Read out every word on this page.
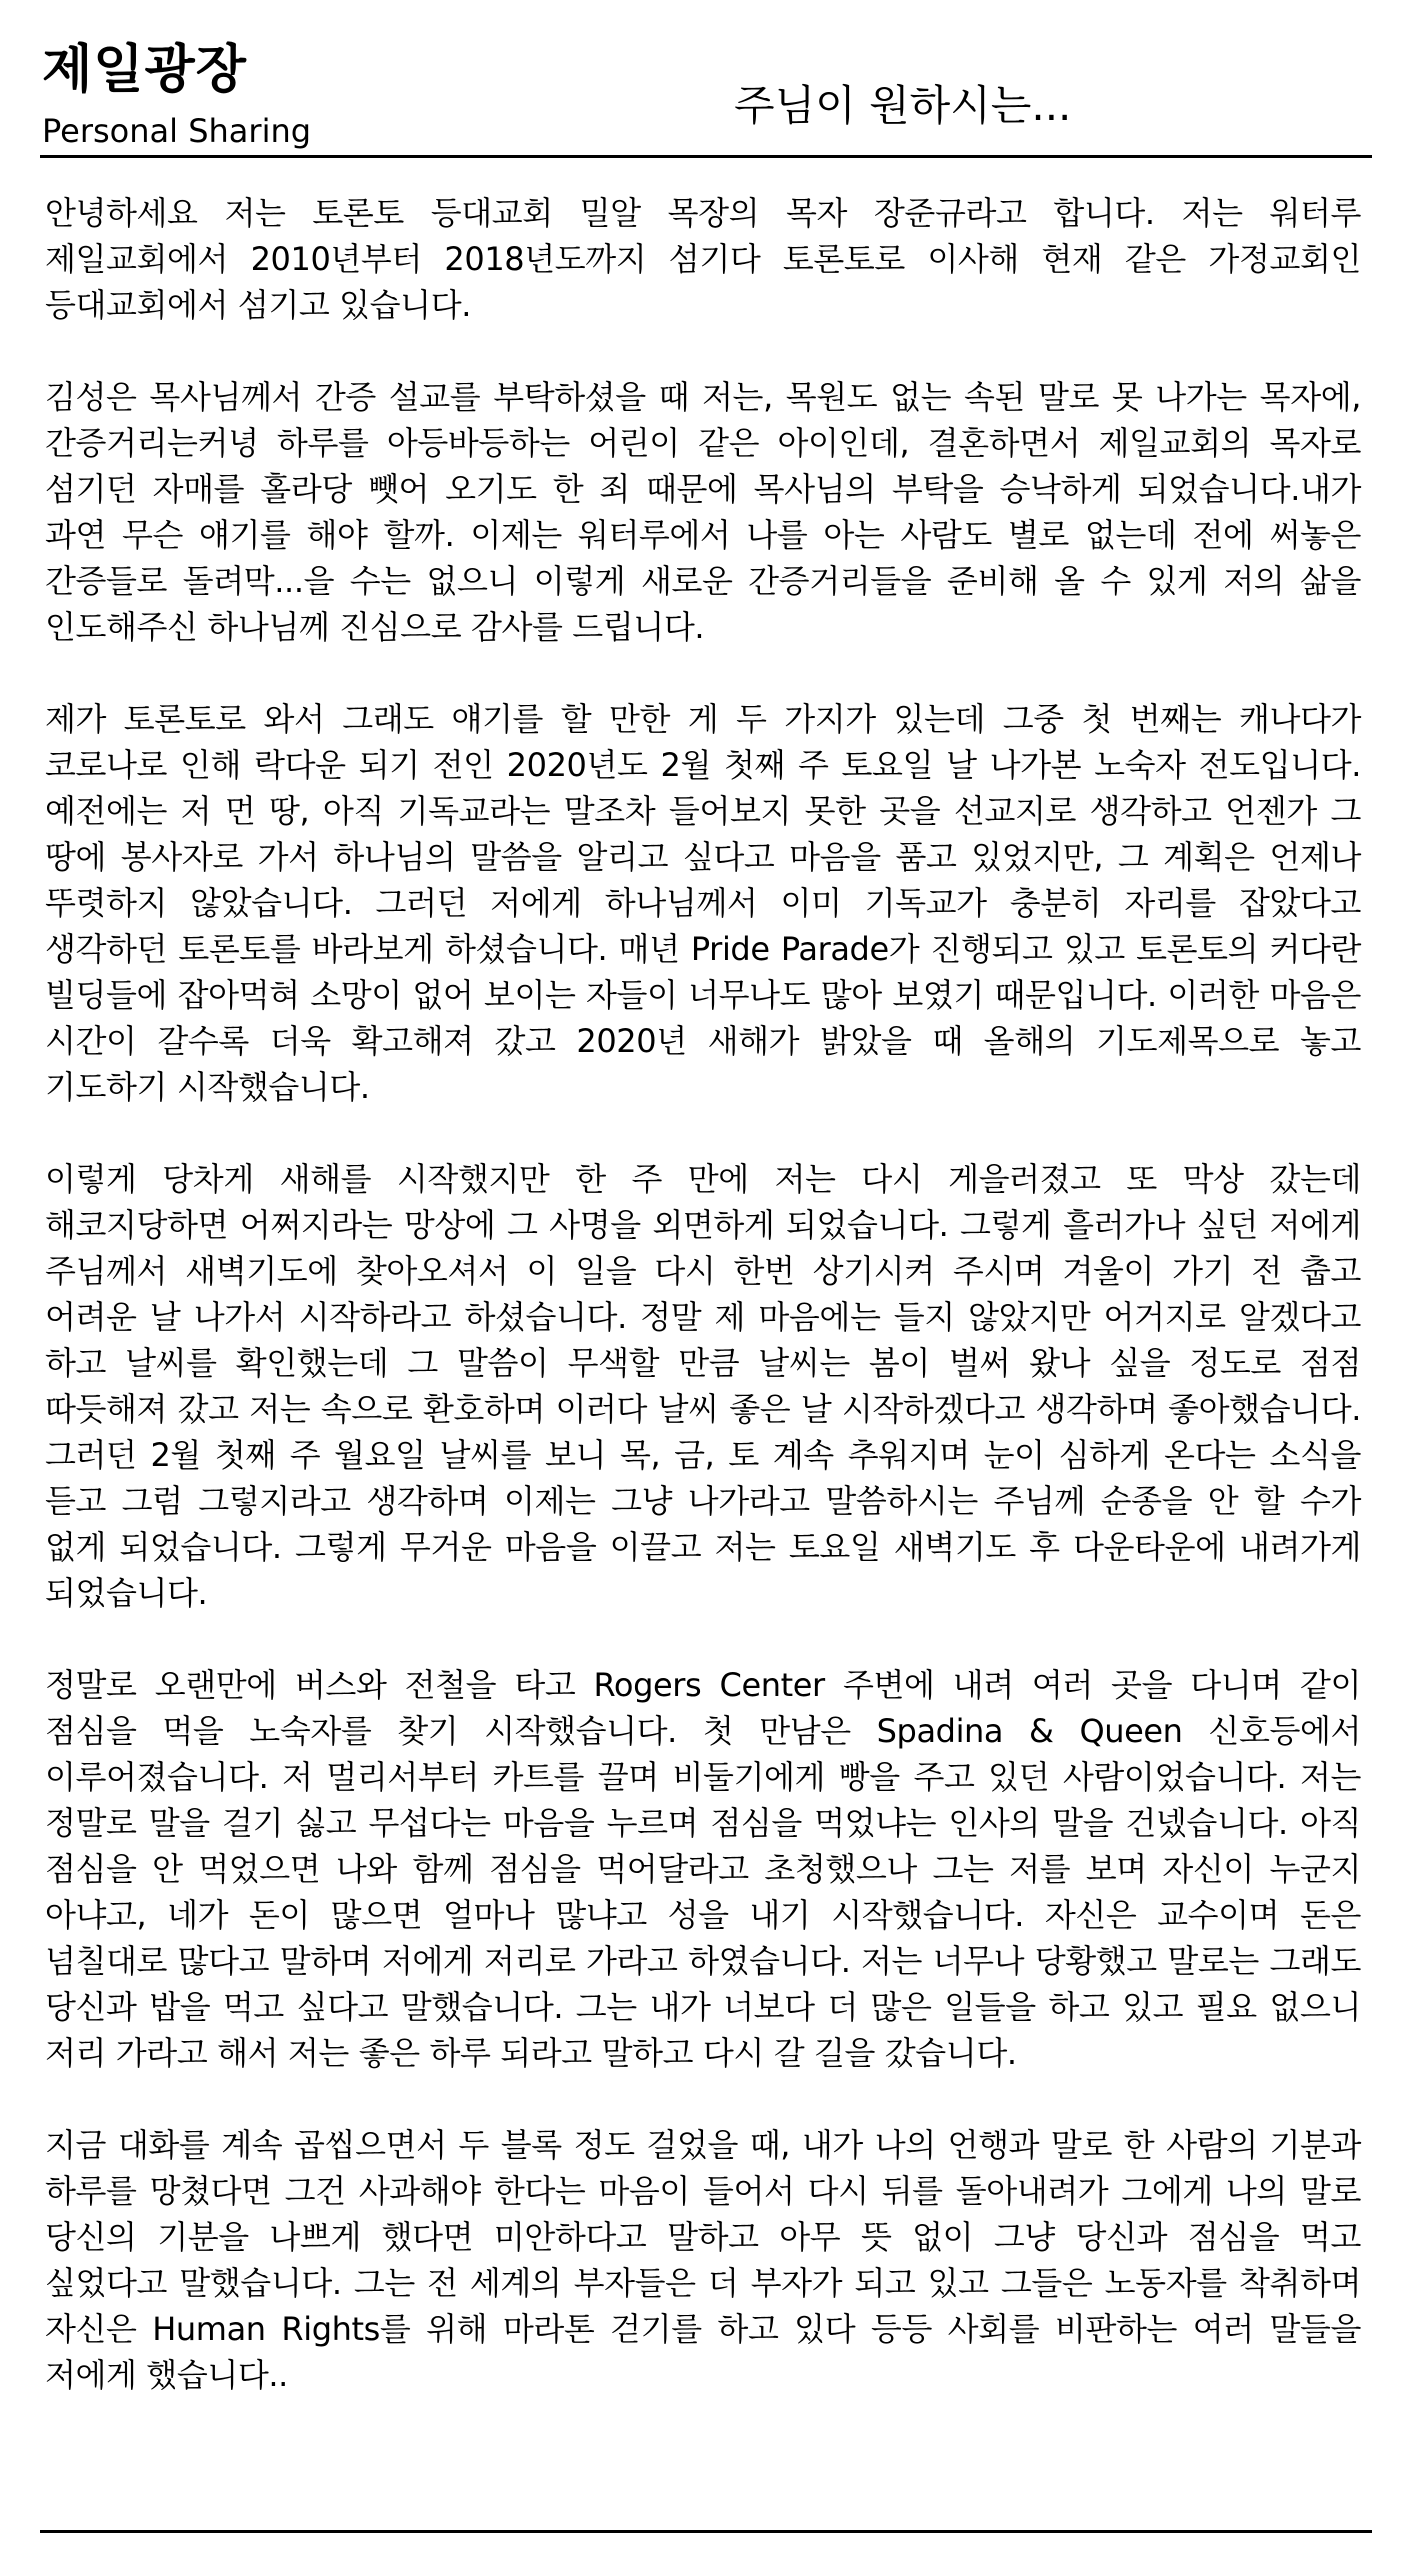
제일광장
Personal Sharing
주님이 원하시는...

안녕하세요 저는 토론토 등대교회 밀알 목장의 목자 장준규라고 합니다. 저는 워터루 제일교회에서 2010년부터 2018년도까지 섬기다 토론토로 이사해 현재 같은 가정교회인 등대교회에서 섬기고 있습니다.

김성은 목사님께서 간증 설교를 부탁하셨을 때 저는, 목원도 없는 속된 말로 못 나가는 목자에, 간증거리는커녕 하루를 아등바등하는 어린이 같은 아이인데, 결혼하면서 제일교회의 목자로 섬기던 자매를 홀라당 뺏어 오기도 한 죄 때문에 목사님의 부탁을 승낙하게 되었습니다.내가 과연 무슨 얘기를 해야 할까. 이제는 워터루에서 나를 아는 사람도 별로 없는데 전에 써놓은 간증들로 돌려막...을 수는 없으니 이렇게 새로운 간증거리들을 준비해 올 수 있게 저의 삶을 인도해주신 하나님께 진심으로 감사를 드립니다.

제가 토론토로 와서 그래도 얘기를 할 만한 게 두 가지가 있는데 그중 첫 번째는 캐나다가 코로나로 인해 락다운 되기 전인 2020년도 2월 첫째 주 토요일 날 나가본 노숙자 전도입니다. 예전에는 저 먼 땅, 아직 기독교라는 말조차 들어보지 못한 곳을 선교지로 생각하고 언젠가 그 땅에 봉사자로 가서 하나님의 말씀을 알리고 싶다고 마음을 품고 있었지만, 그 계획은 언제나 뚜렷하지 않았습니다. 그러던 저에게 하나님께서 이미 기독교가 충분히 자리를 잡았다고 생각하던 토론토를 바라보게 하셨습니다. 매년 Pride Parade가 진행되고 있고 토론토의 커다란 빌딩들에 잡아먹혀 소망이 없어 보이는 자들이 너무나도 많아 보였기 때문입니다. 이러한 마음은 시간이 갈수록 더욱 확고해져 갔고 2020년 새해가 밝았을 때 올해의 기도제목으로 놓고 기도하기 시작했습니다.

이렇게 당차게 새해를 시작했지만 한 주 만에 저는 다시 게을러졌고 또 막상 갔는데 해코지당하면 어쩌지라는 망상에 그 사명을 외면하게 되었습니다. 그렇게 흘러가나 싶던 저에게 주님께서 새벽기도에 찾아오셔서 이 일을 다시 한번 상기시켜 주시며 겨울이 가기 전 춥고 어려운 날 나가서 시작하라고 하셨습니다. 정말 제 마음에는 들지 않았지만 어거지로 알겠다고 하고 날씨를 확인했는데 그 말씀이 무색할 만큼 날씨는 봄이 벌써 왔나 싶을 정도로 점점 따듯해져 갔고 저는 속으로 환호하며 이러다 날씨 좋은 날 시작하겠다고 생각하며 좋아했습니다. 그러던 2월 첫째 주 월요일 날씨를 보니 목, 금, 토 계속 추워지며 눈이 심하게 온다는 소식을 듣고 그럼 그렇지라고 생각하며 이제는 그냥 나가라고 말씀하시는 주님께 순종을 안 할 수가 없게 되었습니다. 그렇게 무거운 마음을 이끌고 저는 토요일 새벽기도 후 다운타운에 내려가게 되었습니다.

정말로 오랜만에 버스와 전철을 타고 Rogers Center 주변에 내려 여러 곳을 다니며 같이 점심을 먹을 노숙자를 찾기 시작했습니다. 첫 만남은 Spadina & Queen 신호등에서 이루어졌습니다. 저 멀리서부터 카트를 끌며 비둘기에게 빵을 주고 있던 사람이었습니다. 저는 정말로 말을 걸기 싫고 무섭다는 마음을 누르며 점심을 먹었냐는 인사의 말을 건넸습니다. 아직 점심을 안 먹었으면 나와 함께 점심을 먹어달라고 초청했으나 그는 저를 보며 자신이 누군지 아냐고, 네가 돈이 많으면 얼마나 많냐고 성을 내기 시작했습니다. 자신은 교수이며 돈은 넘칠대로 많다고 말하며 저에게 저리로 가라고 하였습니다. 저는 너무나 당황했고 말로는 그래도 당신과 밥을 먹고 싶다고 말했습니다. 그는 내가 너보다 더 많은 일들을 하고 있고 필요 없으니 저리 가라고 해서 저는 좋은 하루 되라고 말하고 다시 갈 길을 갔습니다.

지금 대화를 계속 곱씹으면서 두 블록 정도 걸었을 때, 내가 나의 언행과 말로 한 사람의 기분과 하루를 망쳤다면 그건 사과해야 한다는 마음이 들어서 다시 뒤를 돌아내려가 그에게 나의 말로 당신의 기분을 나쁘게 했다면 미안하다고 말하고 아무 뜻 없이 그냥 당신과 점심을 먹고 싶었다고 말했습니다. 그는 전 세계의 부자들은 더 부자가 되고 있고 그들은 노동자를 착취하며 자신은 Human Rights를 위해 마라톤 걷기를 하고 있다 등등 사회를 비판하는 여러 말들을 저에게 했습니다..
